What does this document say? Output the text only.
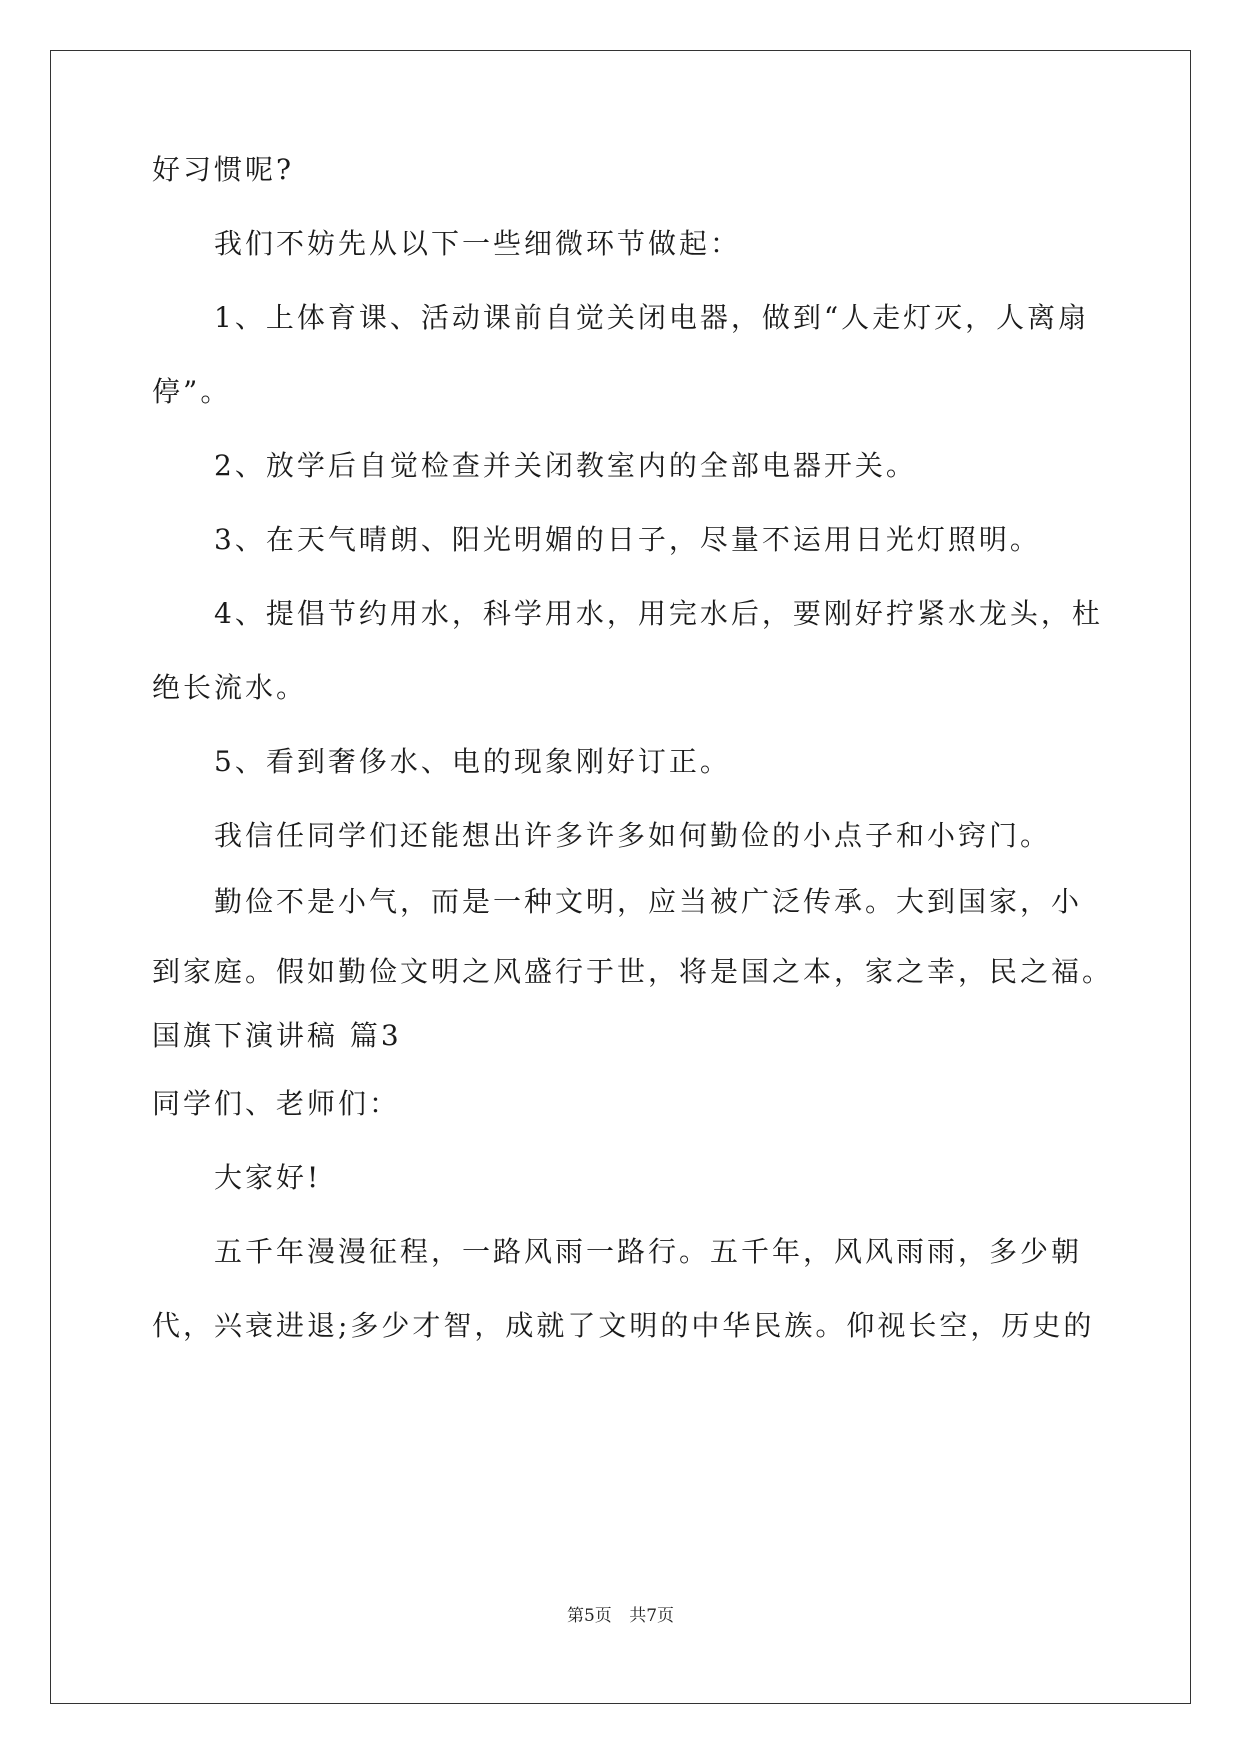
好习惯呢?
我们不妨先从以下一些细微环节做起：
1、上体育课、活动课前自觉关闭电器，做到“人走灯灭，人离扇
停”。
2、放学后自觉检查并关闭教室内的全部电器开关。
3、在天气晴朗、阳光明媚的日子，尽量不运用日光灯照明。
4、提倡节约用水，科学用水，用完水后，要刚好拧紧水龙头，杜
绝长流水。
5、看到奢侈水、电的现象刚好订正。
我信任同学们还能想出许多许多如何勤俭的小点子和小窍门。
勤俭不是小气，而是一种文明，应当被广泛传承。大到国家，小
到家庭。假如勤俭文明之风盛行于世，将是国之本，家之幸，民之福。
国旗下演讲稿 篇3
同学们、老师们：
大家好!
五千年漫漫征程，一路风雨一路行。五千年，风风雨雨，多少朝
代，兴衰进退;多少才智，成就了文明的中华民族。仰视长空，历史的
第5页 共7页
